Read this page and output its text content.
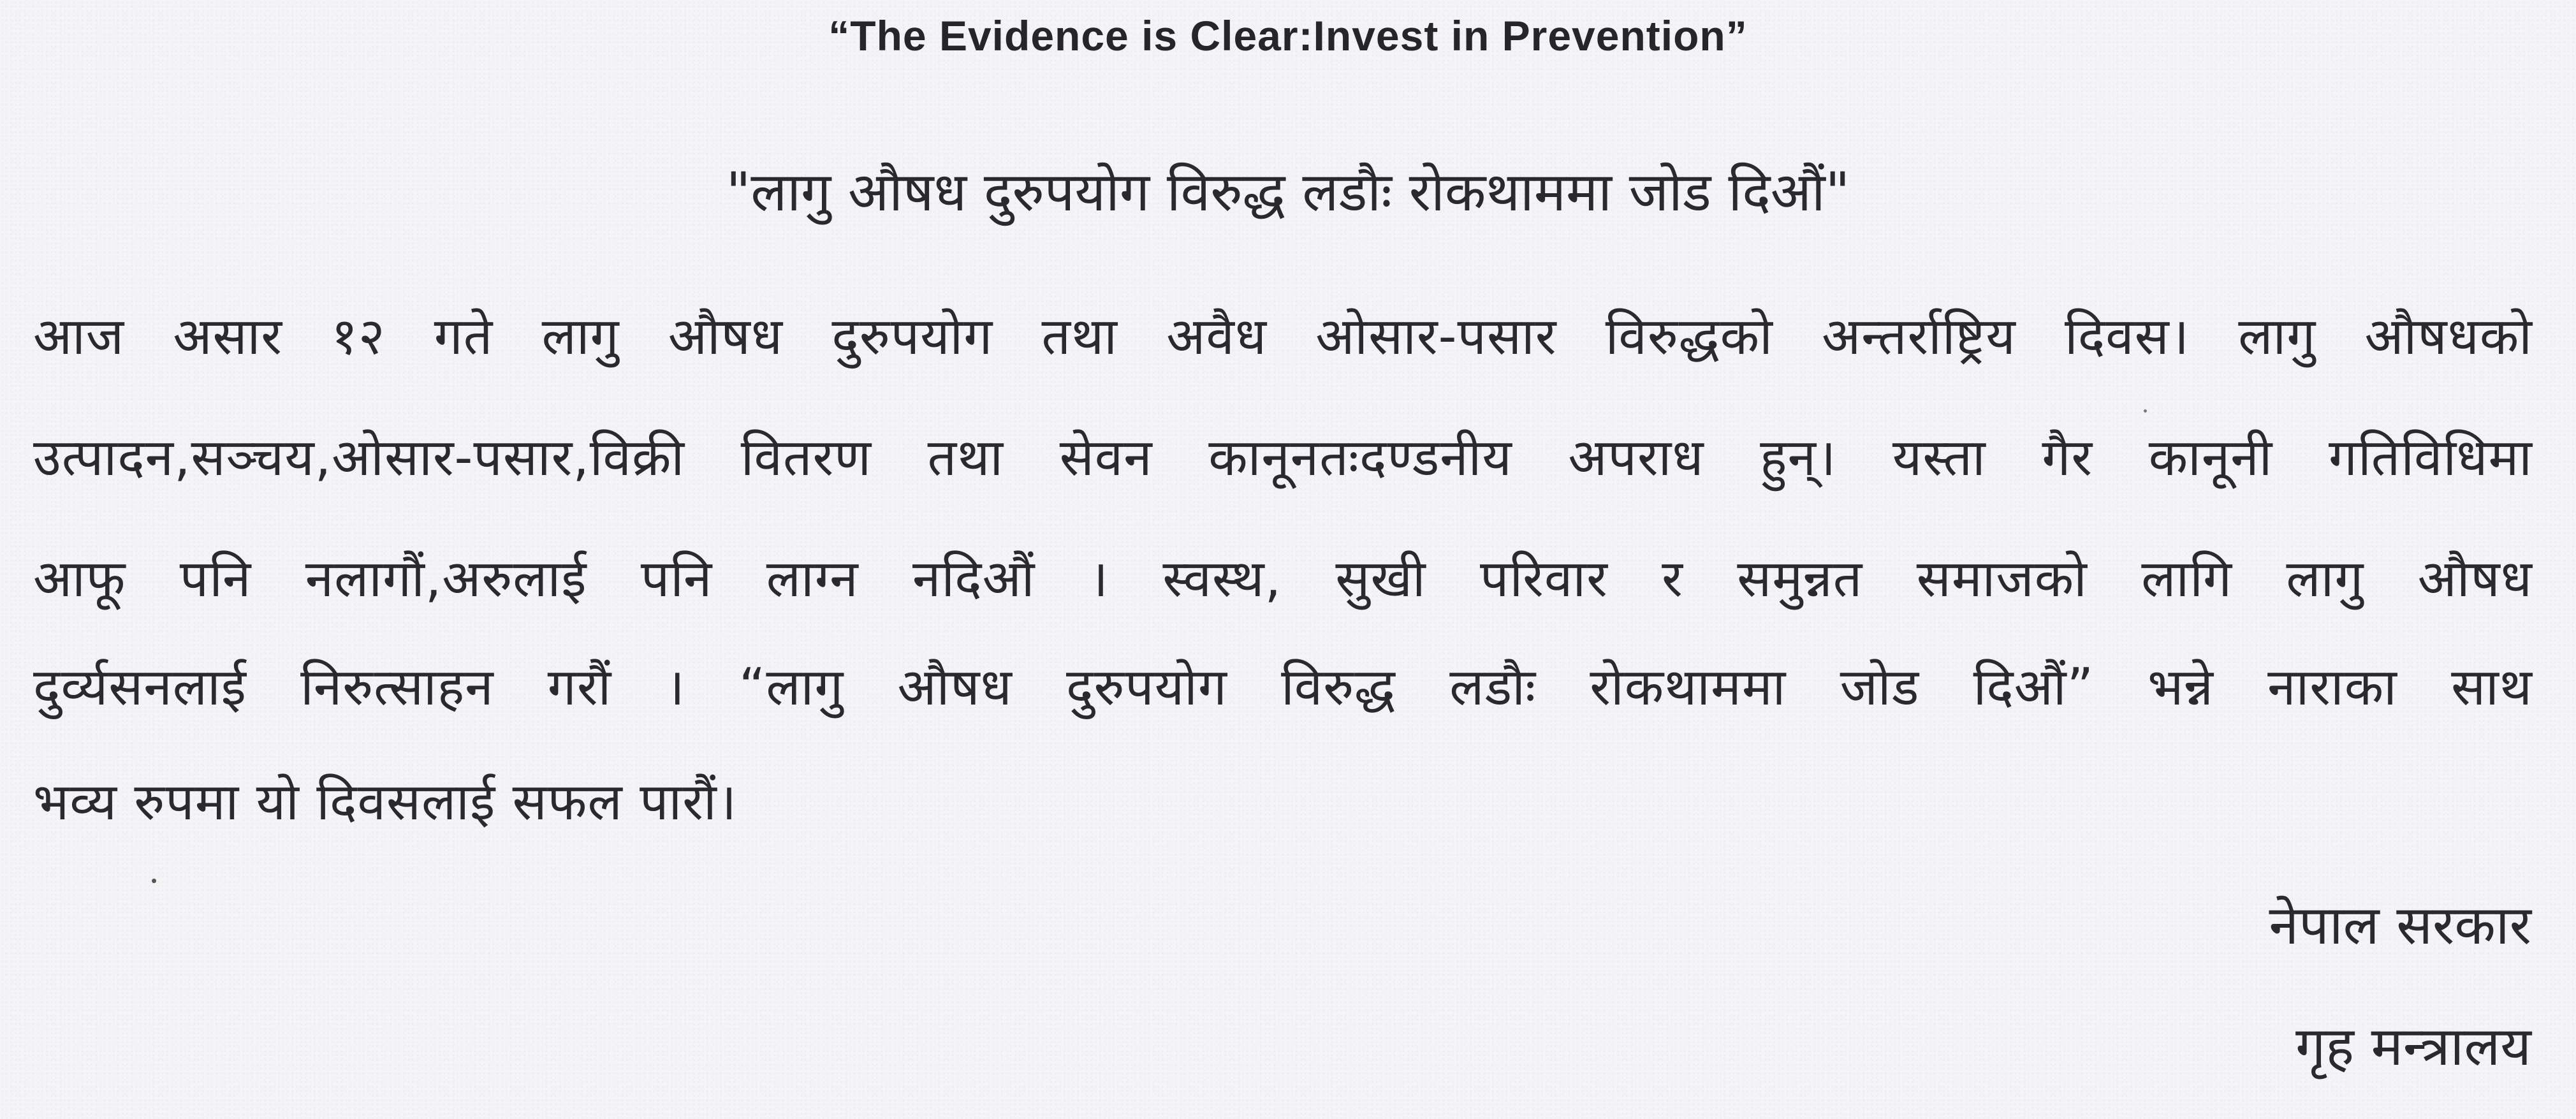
“The Evidence is Clear:Invest in Prevention”
"लागु औषध दुरुपयोग विरुद्ध लडौः रोकथाममा जोड दिऔं"
आज असार १२ गते लागु औषध दुरुपयोग तथा अवैध ओसार-पसार विरुद्धको अन्तर्राष्ट्रिय दिवस। लागु औषधको
उत्पादन,सञ्चय,ओसार-पसार,विक्री वितरण तथा सेवन कानूनतःदण्डनीय अपराध हुन्। यस्ता गैर कानूनी गतिविधिमा
आफू पनि नलागौं,अरुलाई पनि लाग्न नदिऔं । स्वस्थ, सुखी परिवार र समुन्नत समाजको लागि लागु औषध
दुर्व्यसनलाई निरुत्साहन गरौं । “लागु औषध दुरुपयोग विरुद्ध लडौः रोकथाममा जोड दिऔं” भन्ने नाराका साथ
भव्य रुपमा यो दिवसलाई सफल पारौं।
नेपाल सरकार
गृह मन्त्रालय
